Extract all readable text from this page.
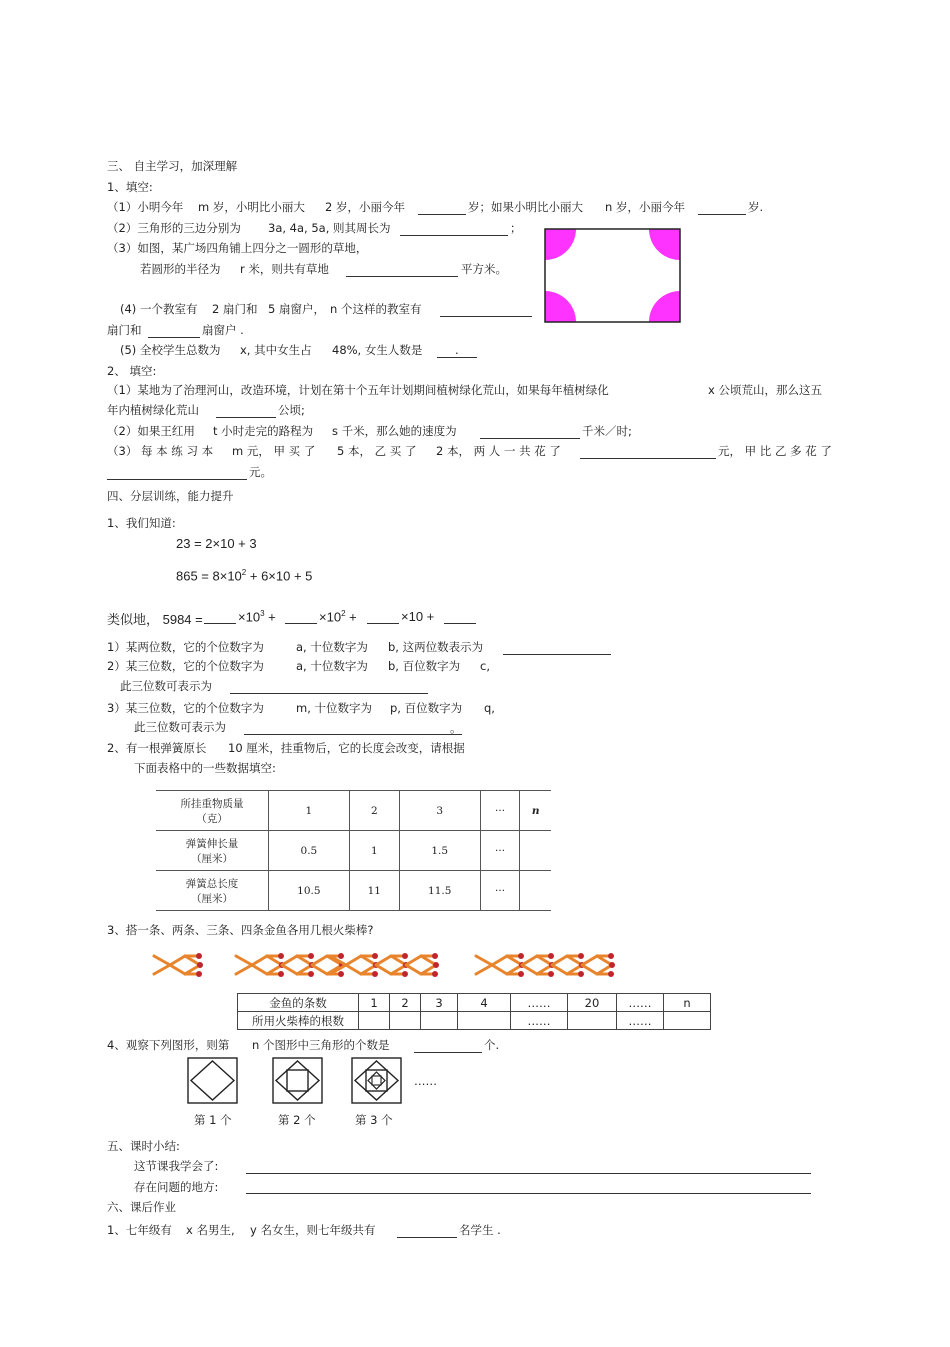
三、 自主学习，加深理解
1、填空:
（1）小明今年 m 岁，小明比小丽大 2 岁，小丽今年	岁；如果小明比小丽大 n 岁，小丽今年	岁.
（2）三角形的三边分别为 3a, 4a, 5a, 则其周长为	；
（3）如图，某广场四角铺上四分之一圆形的草地，
若圆形的半径为 r 米，则共有草地	平方米。
(4) 一个教室有 2 扇门和 5 扇窗户， n 个这样的教室有
扇门和	扇窗户 .
(5) 全校学生总数为 x, 其中女生占 48%, 女生人数是	.
2、 填空:
（1）某地为了治理河山，改造环境，计划在第十个五年计划期间植树绿化荒山，如果每年植树绿化	x 公顷荒山，那么这五
年内植树绿化荒山	公顷;
（2）如果王红用 t 小时走完的路程为 s 千米，那么她的速度为	千米／时;
（3） 每 本 练 习 本 m 元， 甲 买 了 5 本， 乙 买 了 2 本， 两 人 一 共 花 了	元， 甲 比 乙 多 花 了
元。
四、分层训练，能力提升
1、我们知道:
23 = 2×10 + 3
$865 = 8\times 10^2 + 6\times 10 + 5$
类似地， 5984 =	$\times 10^3$ +	$\times 10^2$ +	×10 +
1）某两位数，它的个位数字为	a, 十位数字为 b, 这两位数表示为
2）某三位数，它的个位数字为	a, 十位数字为 b, 百位数字为 c,
此三位数可表示为
3）某三位数，它的个位数字为	m, 十位数字为 p, 百位数字为 q,
此三位数可表示为	。
2、有一根弹簧原长 10 厘米，挂重物后，它的长度会改变，请根据
下面表格中的一些数据填空:
所挂重物质量
（克）	1	2	3	···	n

弹簧伸长量
（厘米）	0.5	1	1.5	···	

弹簧总长度
（厘米）	10.5	11	11.5	···	
3、搭一条、两条、三条、四条金鱼各用几根火柴棒?
金鱼的条数	1	2	3	4	……	20	……	n
所用火柴棒的根数					……		……	
4、观察下列图形，则第 n 个图形中三角形的个数是	个.
……
第 1 个	第 2 个	第 3 个
五、课时小结:
这节课我学会了:
存在问题的地方:
六、课后作业
1、七年级有 x 名男生, y 名女生，则七年级共有	名学生 .
